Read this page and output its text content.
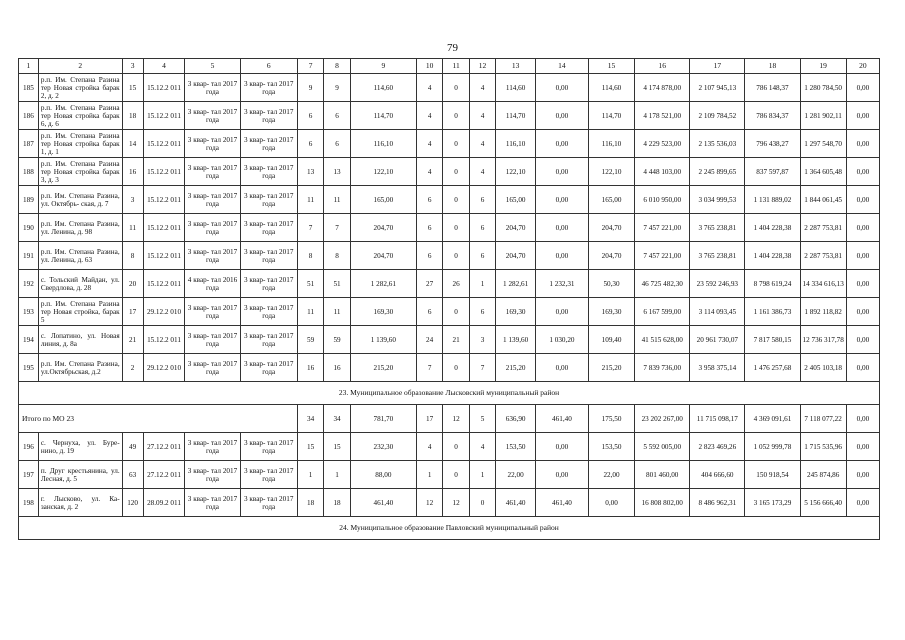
79
1	2	3	4	5	6	7	8	9	10	11	12	13	14	15	16	17	18	19	20
185	р.п. Им. Степана Разина тер Новая стройка барак 2, д. 2	15	15.12.2 011	3 квар- тал 2017 года	3 квар- тал 2017 года	9	9	114,60	4	0	4	114,60	0,00	114,60	4 174 878,00	2 107 945,13	786 148,37	1 280 784,50	0,00
186	р.п. Им. Степана Разина тер Новая стройка барак 6, д. 6	18	15.12.2 011	3 квар- тал 2017 года	3 квар- тал 2017 года	6	6	114,70	4	0	4	114,70	0,00	114,70	4 178 521,00	2 109 784,52	786 834,37	1 281 902,11	0,00
187	р.п. Им. Степана Разина тер Новая стройка барак 1, д. 1	14	15.12.2 011	3 квар- тал 2017 года	3 квар- тал 2017 года	6	6	116,10	4	0	4	116,10	0,00	116,10	4 229 523,00	2 135 536,03	796 438,27	1 297 548,70	0,00
188	р.п. Им. Степана Разина тер Новая стройка барак 3, д. 3	16	15.12.2 011	3 квар- тал 2017 года	3 квар- тал 2017 года	13	13	122,10	4	0	4	122,10	0,00	122,10	4 448 103,00	2 245 899,65	837 597,87	1 364 605,48	0,00
189	р.п. Им. Степана Разина, ул. Октябрь- ская, д. 7	3	15.12.2 011	3 квар- тал 2017 года	3 квар- тал 2017 года	11	11	165,00	6	0	6	165,00	0,00	165,00	6 010 950,00	3 034 999,53	1 131 889,02	1 844 061,45	0,00
190	р.п. Им. Степана Разина, ул. Ленина, д. 98	11	15.12.2 011	3 квар- тал 2017 года	3 квар- тал 2017 года	7	7	204,70	6	0	6	204,70	0,00	204,70	7 457 221,00	3 765 238,81	1 404 228,38	2 287 753,81	0,00
191	р.п. Им. Степана Разина, ул. Ленина, д. 63	8	15.12.2 011	3 квар- тал 2017 года	3 квар- тал 2017 года	8	8	204,70	6	0	6	204,70	0,00	204,70	7 457 221,00	3 765 238,81	1 404 228,38	2 287 753,81	0,00
192	с. Тольский Майдан, ул. Свердлова, д. 28	20	15.12.2 011	4 квар- тал 2016 года	3 квар- тал 2017 года	51	51	1 282,61	27	26	1	1 282,61	1 232,31	50,30	46 725 482,30	23 592 246,93	8 798 619,24	14 334 616,13	0,00
193	р.п. Им. Степана Разина тер Новая стройка, барак 5	17	29.12.2 010	3 квар- тал 2017 года	3 квар- тал 2017 года	11	11	169,30	6	0	6	169,30	0,00	169,30	6 167 599,00	3 114 093,45	1 161 386,73	1 892 118,82	0,00
194	с. Лопатино, ул. Новая линия, д. 8а	21	15.12.2 011	3 квар- тал 2017 года	3 квар- тал 2017 года	59	59	1 139,60	24	21	3	1 139,60	1 030,20	109,40	41 515 628,00	20 961 730,07	7 817 580,15	12 736 317,78	0,00
195	р.п. Им. Степана Разина, ул.Октябрьская, д.2	2	29.12.2 010	3 квар- тал 2017 года	3 квар- тал 2017 года	16	16	215,20	7	0	7	215,20	0,00	215,20	7 839 736,00	3 958 375,14	1 476 257,68	2 405 103,18	0,00
23. Муниципальное образование Лысковский муниципальный район																			
Итого по МО 23						34	34	781,70	17	12	5	636,90	461,40	175,50	23 202 267,00	11 715 098,17	4 369 091,61	7 118 077,22	0,00
196	с. Чернуха, ул. Буре- нино, д. 19	49	27.12.2 011	3 квар- тал 2017 года	3 квар- тал 2017 года	15	15	232,30	4	0	4	153,50	0,00	153,50	5 592 005,00	2 823 469,26	1 052 999,78	1 715 535,96	0,00
197	п. Друг крестьянина, ул. Лесная, д. 5	63	27.12.2 011	3 квар- тал 2017 года	3 квар- тал 2017 года	1	1	88,00	1	0	1	22,00	0,00	22,00	801 460,00	404 666,60	150 918,54	245 874,86	0,00
198	г. Лысково, ул. Ка- занская, д. 2	120	28.09.2 011	3 квар- тал 2017 года	3 квар- тал 2017 года	18	18	461,40	12	12	0	461,40	461,40	0,00	16 808 802,00	8 486 962,31	3 165 173,29	5 156 666,40	0,00
24. Муниципальное образование Павловский муниципальный район																			
